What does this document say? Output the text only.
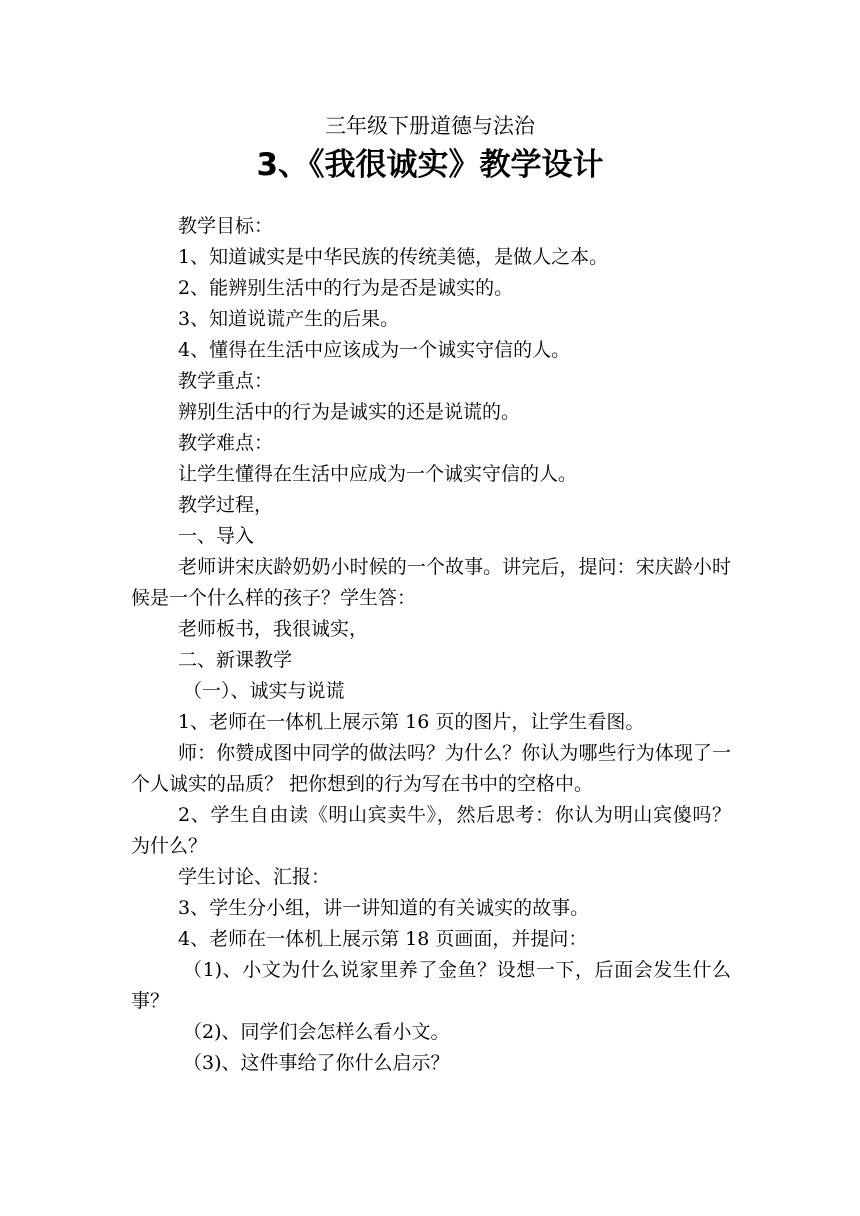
三年级下册道德与法治
3、《我很诚实》教学设计

教学目标：

1、知道诚实是中华民族的传统美德，是做人之本。

2、能辨别生活中的行为是否是诚实的。

3、知道说谎产生的后果。

4、懂得在生活中应该成为一个诚实守信的人。

教学重点：

辨别生活中的行为是诚实的还是说谎的。

教学难点：

让学生懂得在生活中应成为一个诚实守信的人。

教学过程，

一、导入

老师讲宋庆龄奶奶小时候的一个故事。讲完后，提问：宋庆龄小时候是一个什么样的孩子？学生答：

老师板书，我很诚实，

二、新课教学

（一）、诚实与说谎

1、老师在一体机上展示第 16 页的图片，让学生看图。

师：你赞成图中同学的做法吗？为什么？你认为哪些行为体现了一个人诚实的品质？ 把你想到的行为写在书中的空格中。

2、学生自由读《明山宾卖牛》，然后思考：你认为明山宾傻吗？为什么？

学生讨论、汇报：

3、学生分小组，讲一讲知道的有关诚实的故事。

4、老师在一体机上展示第 18 页画面，并提问：

（1)、小文为什么说家里养了金鱼？设想一下，后面会发生什么事？

（2)、同学们会怎样么看小文。

（3)、这件事给了你什么启示？
